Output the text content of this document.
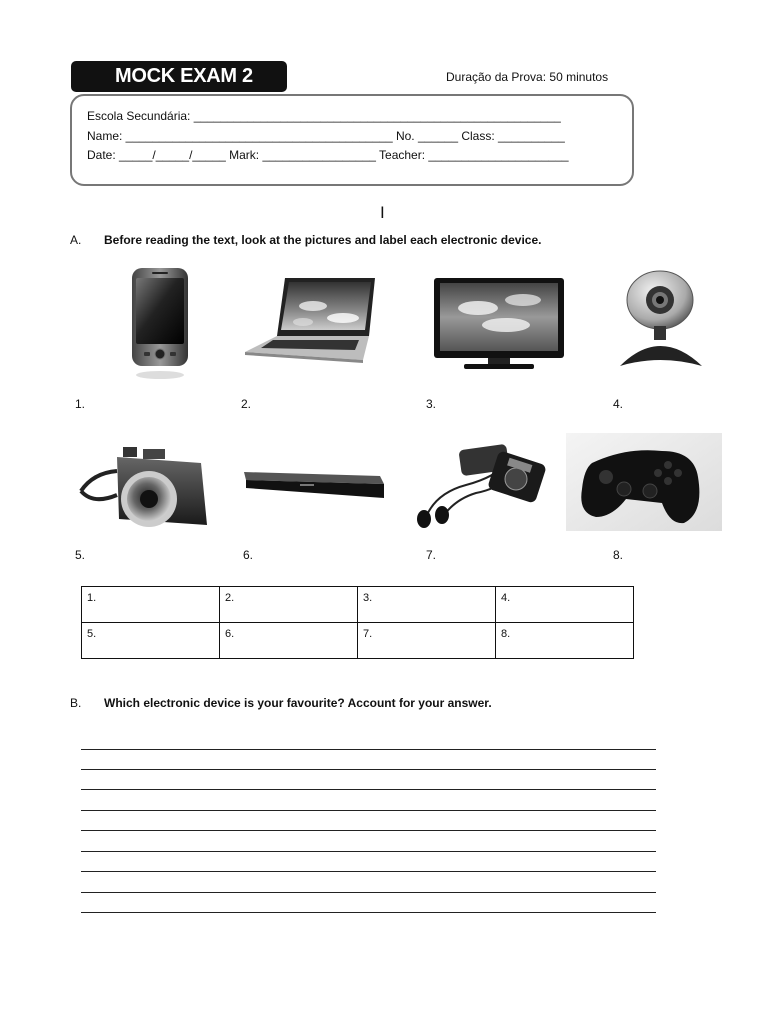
MOCK EXAM 2	Duração da Prova: 50 minutos
Escola Secundária: _______________________________________________________
Name: ________________________________________ No. ______ Class: __________
Date: _____/_____/_____ Mark: _________________ Teacher: _____________________
I
A. Before reading the text, look at the pictures and label each electronic device.
1.	2.	3.	4.
5.	6.	7.	8.
1.	2.	3.	4.

5.	6.	7.	8.
B. Which electronic device is your favourite? Account for your answer.
